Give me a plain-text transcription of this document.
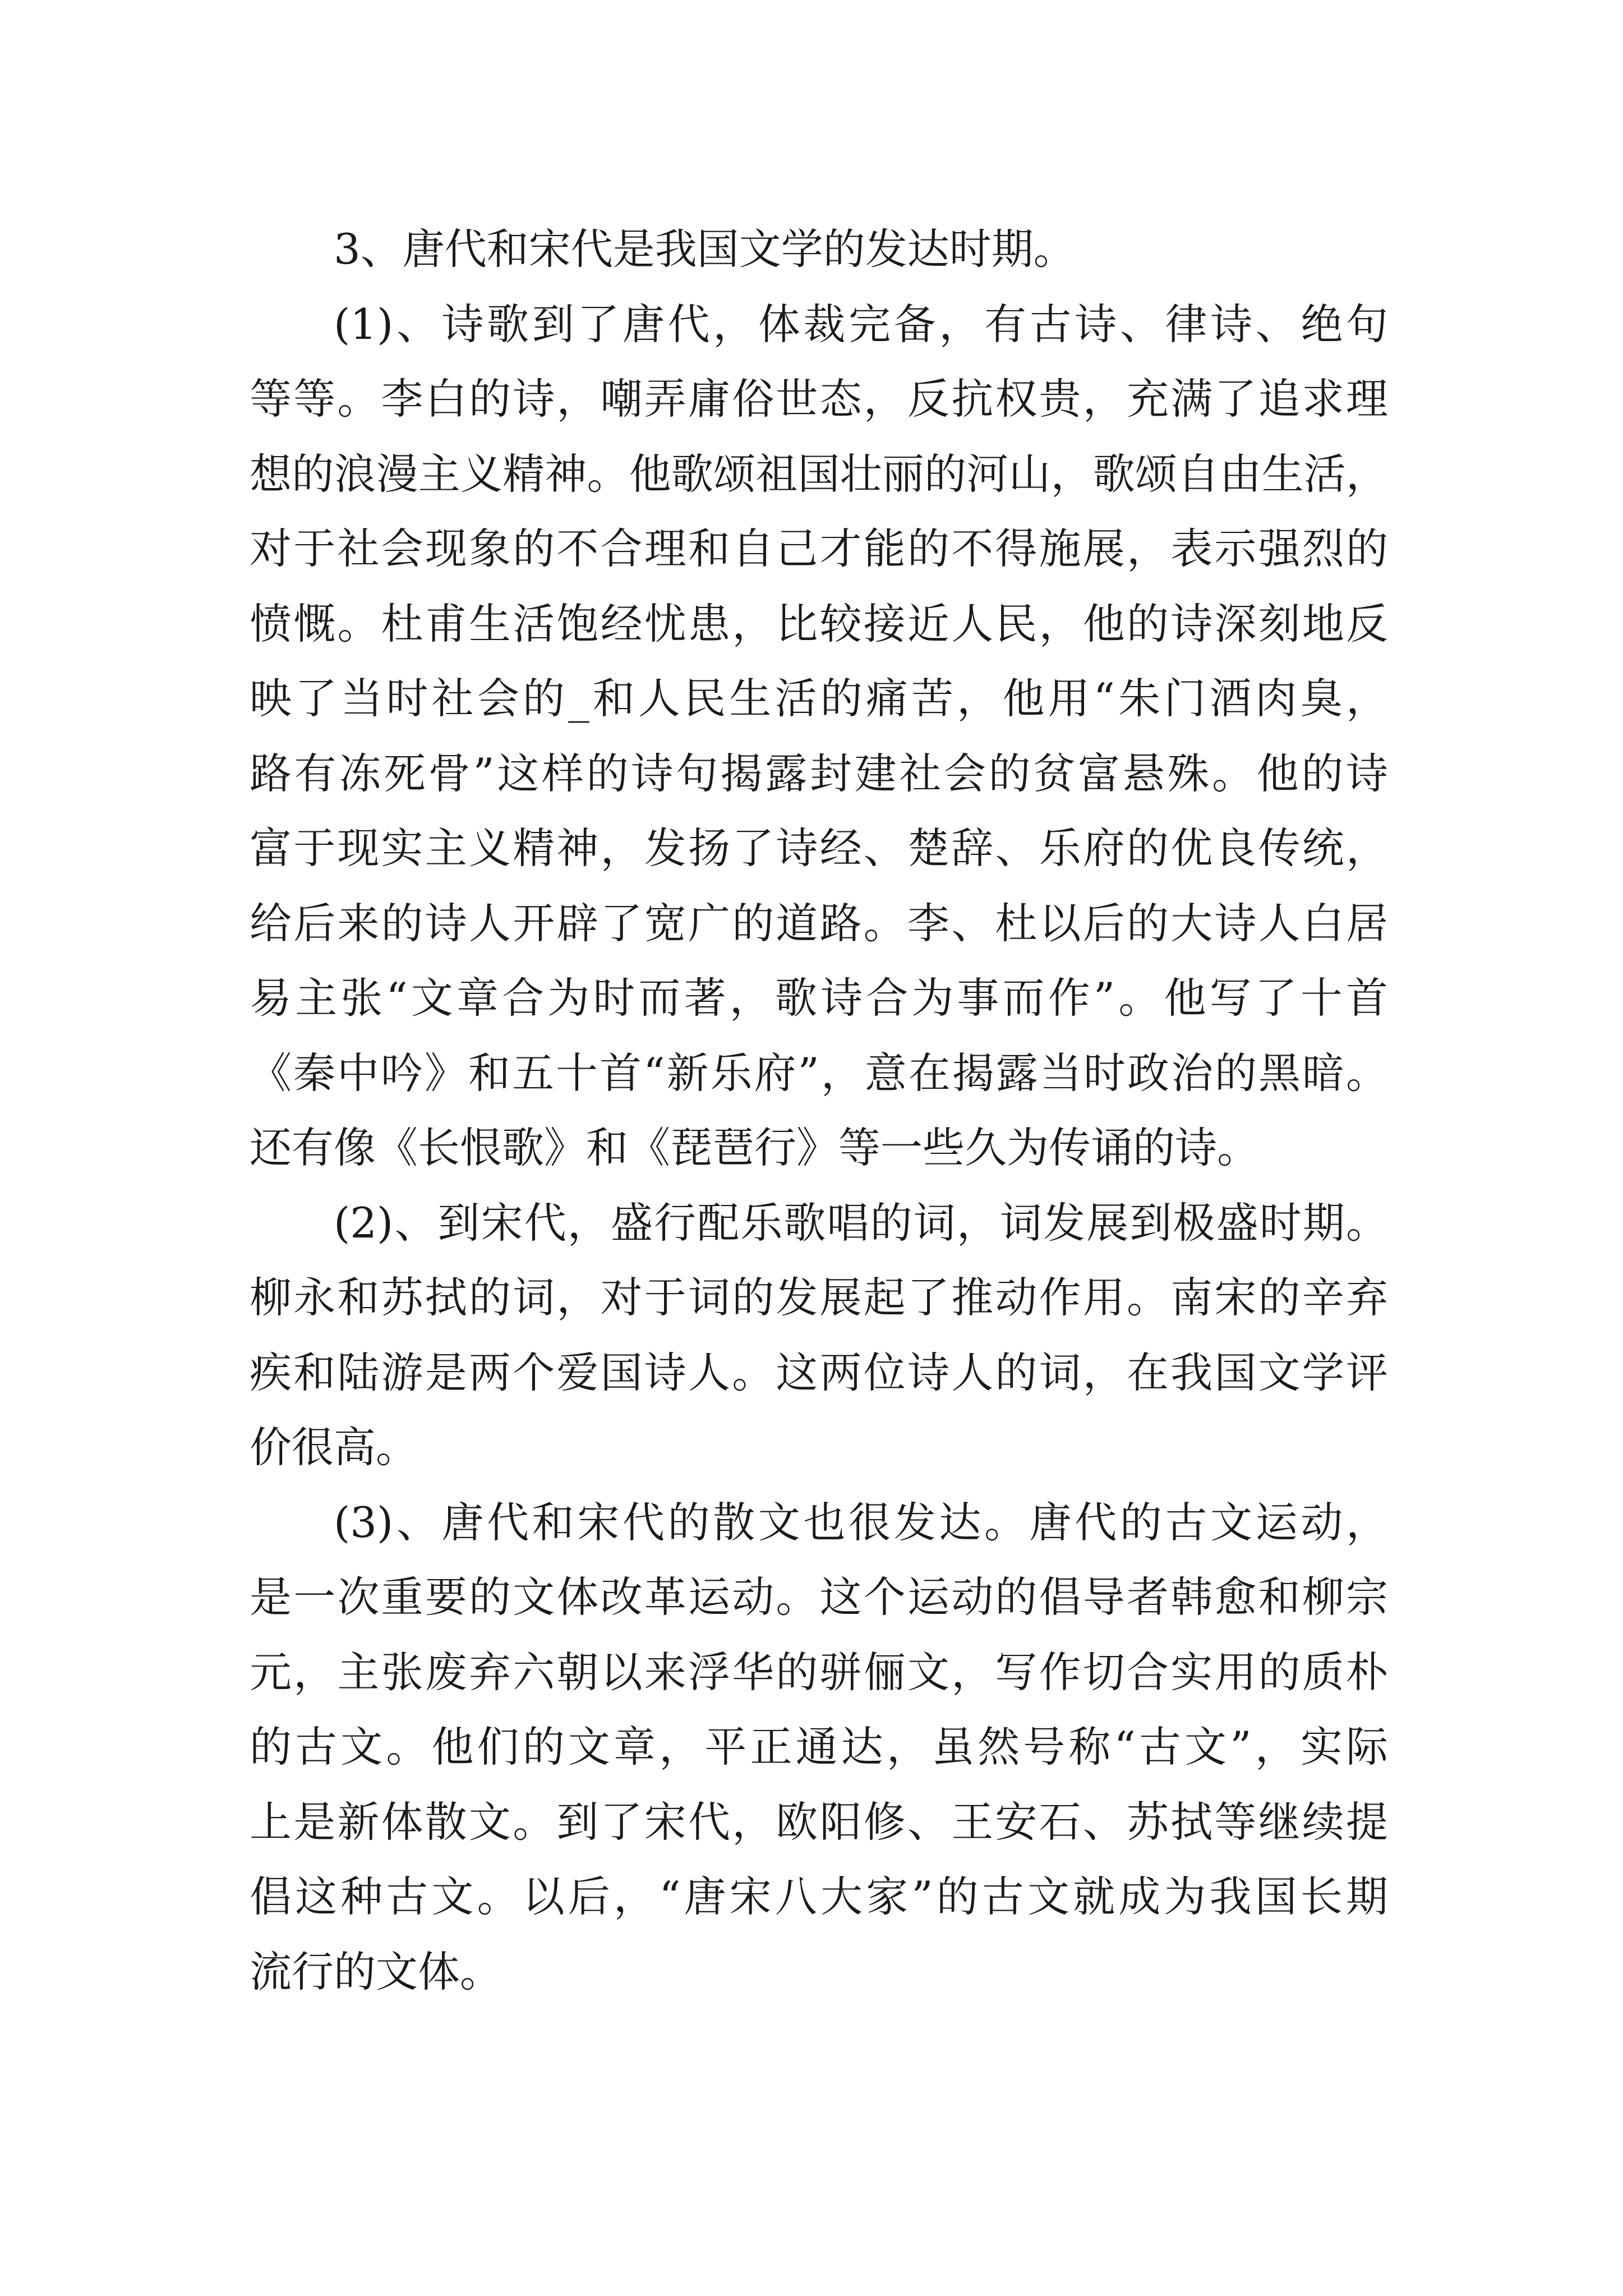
3、唐代和宋代是我国文学的发达时期。
(1)、诗歌到了唐代，体裁完备，有古诗、律诗、绝句
等等。李白的诗，嘲弄庸俗世态，反抗权贵，充满了追求理
想的浪漫主义精神。他歌颂祖国壮丽的河山，歌颂自由生活，
对于社会现象的不合理和自己才能的不得施展，表示强烈的
愤慨。杜甫生活饱经忧患，比较接近人民，他的诗深刻地反
映了当时社会的_和人民生活的痛苦，他用“朱门酒肉臭，
路有冻死骨”这样的诗句揭露封建社会的贫富悬殊。他的诗
富于现实主义精神，发扬了诗经、楚辞、乐府的优良传统，
给后来的诗人开辟了宽广的道路。李、杜以后的大诗人白居
易主张“文章合为时而著，歌诗合为事而作”。他写了十首
《秦中吟》和五十首“新乐府”，意在揭露当时政治的黑暗。
还有像《长恨歌》和《琵琶行》等一些久为传诵的诗。
(2)、到宋代，盛行配乐歌唱的词，词发展到极盛时期。
柳永和苏拭的词，对于词的发展起了推动作用。南宋的辛弃
疾和陆游是两个爱国诗人。这两位诗人的词，在我国文学评
价很高。
(3)、唐代和宋代的散文也很发达。唐代的古文运动，
是一次重要的文体改革运动。这个运动的倡导者韩愈和柳宗
元，主张废弃六朝以来浮华的骈俪文，写作切合实用的质朴
的古文。他们的文章，平正通达，虽然号称“古文”，实际
上是新体散文。到了宋代，欧阳修、王安石、苏拭等继续提
倡这种古文。以后，“唐宋八大家”的古文就成为我国长期
流行的文体。
